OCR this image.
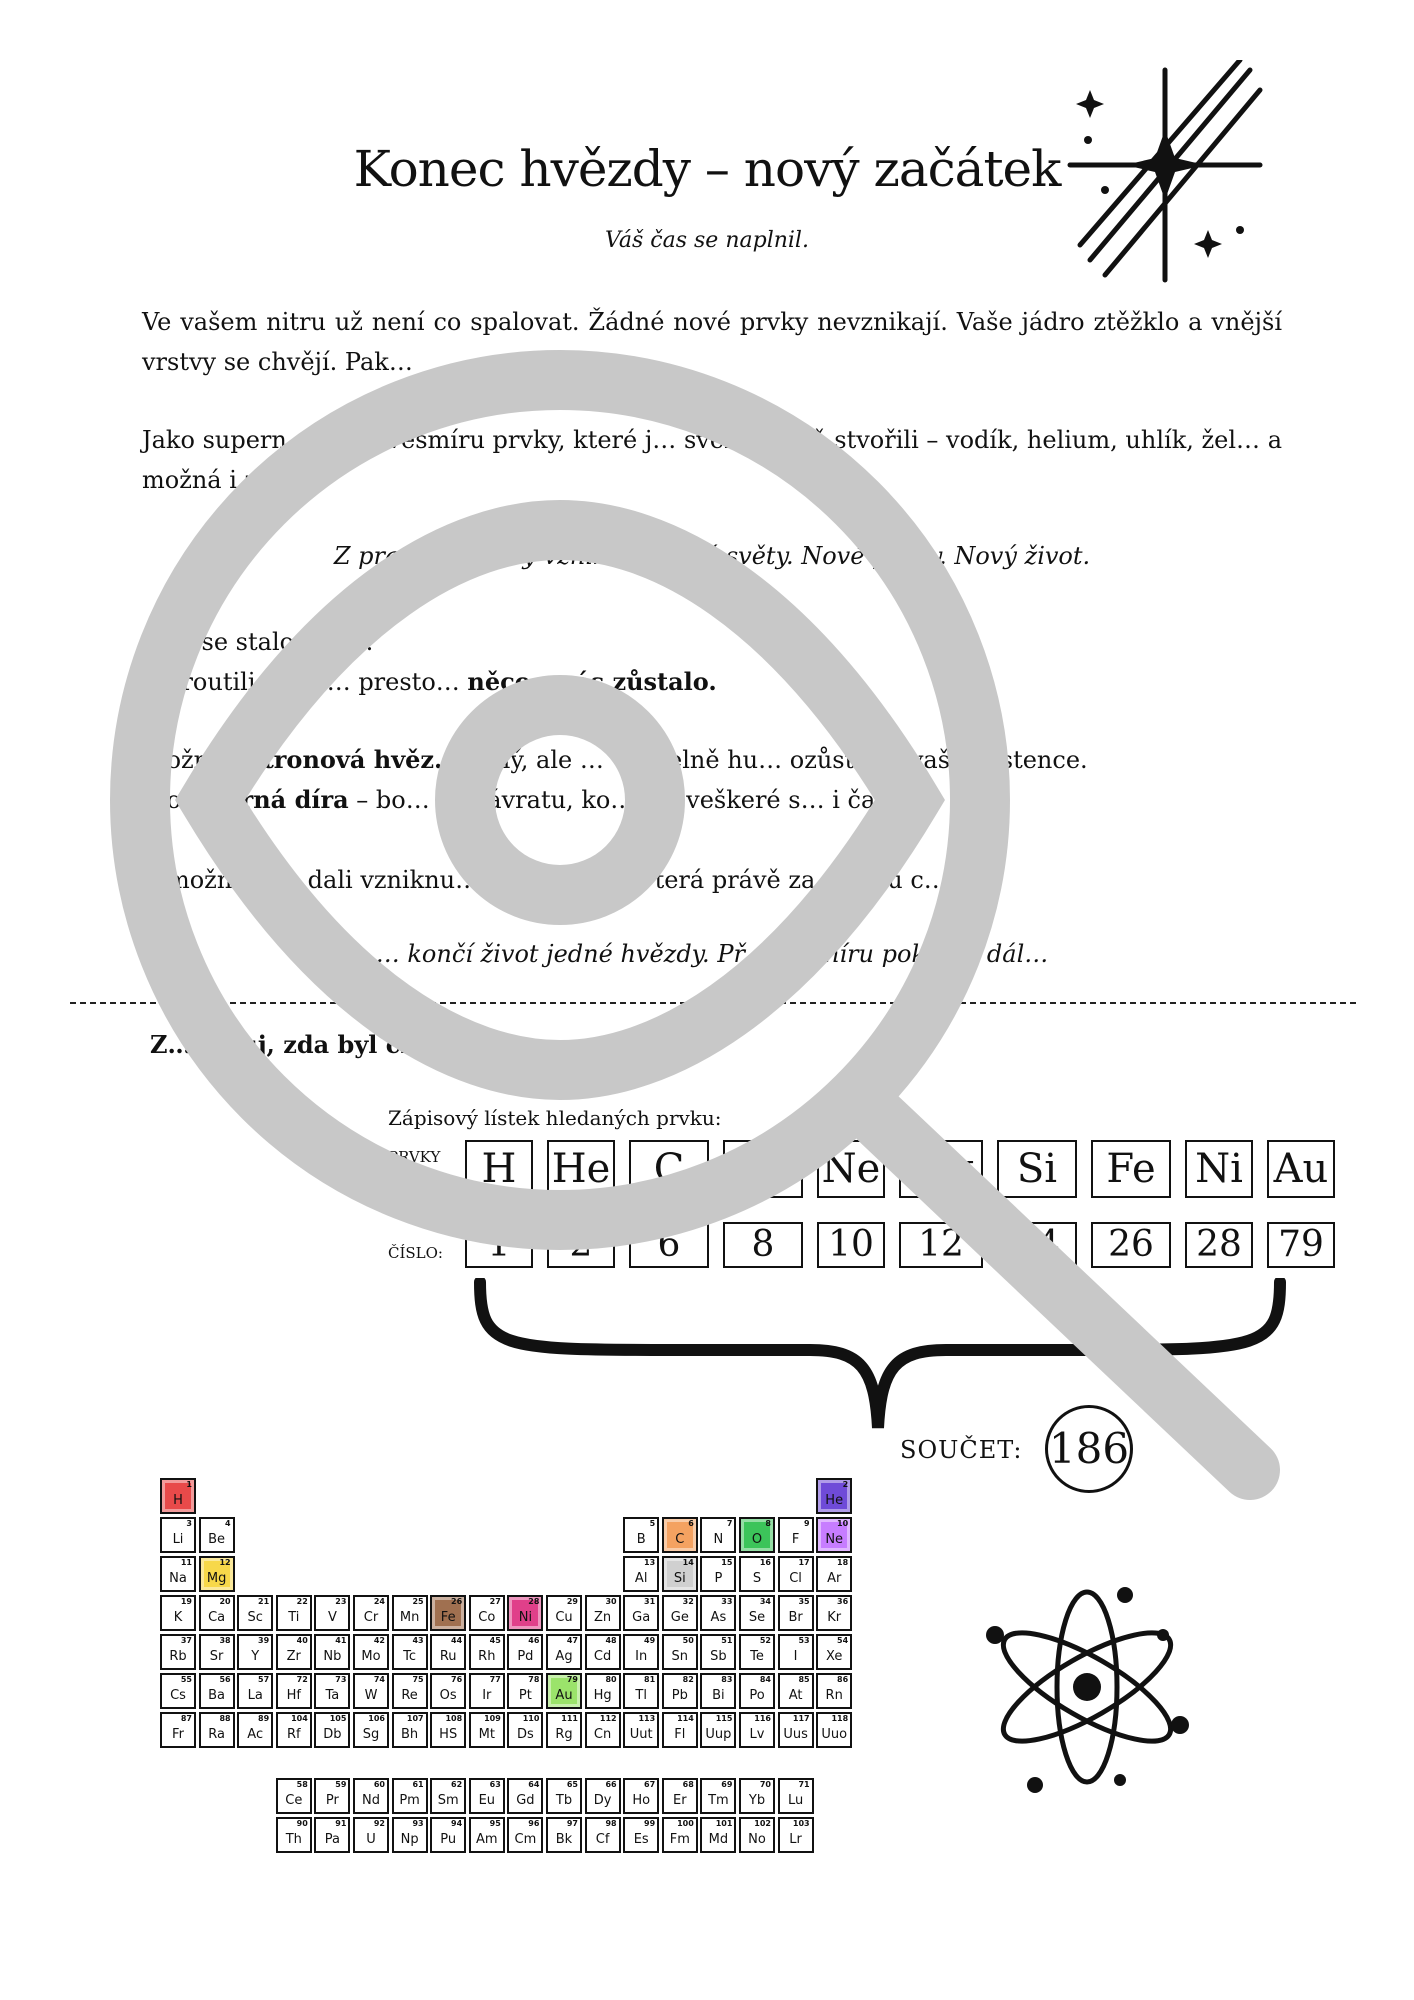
Konec hvězdy – nový začátek
Váš čas se naplnil.
Ve vašem nitru už není co spalovat. Žádné nové prvky nevznikají. Vaše jádro ztěžklo a vnější vrstvy se chvějí. Pak…
Jako supern… te do vesmíru prvky, které j… svém životě stvořili – vodík, helium, uhlík, žel… a možná i zlato.
Z prachu hvězdy vzniknou nové světy. Nové pl…ty. Nový život.
…co se stalo s vá…
…hroutili jste s… presto… něco z vás zůstalo.
Možná … tronová hvěz… malý, ale … věřitelně hu… ozůstat… vaší existence.
Mož… erná díra – bo… ez návratu, ko… nčí veškeré s… i čas.
A možná … e dali vzniknu… další hvězd… terá právě za… svou c…u…
… končí život jedné hvězdy. Př… vesmíru pok… je dál…
Z…troluj, zda byl cíl dosa…
Zápisový lístek hledaných prvku:
PRVKY
1 - 10
ČÍSLO:
H He	C	O	Ne Mg	Si	Fe Ni Au
1	2	6	8	10	12	14	26	28	79
SOUČET: 186
1
H
2
He
3
Li
4
Be
5
B
6
C
7
N
8
O
9
F
10
Ne
11
Na
12
Mg
13
Al
14
Si
15
P
16
S
17
Cl
18
Ar
19
K
20
Ca
21
Sc
22
Ti
23
V
24
Cr
25
Mn
26
Fe
27
Co
28
Ni
29
Cu
30
Zn
31
Ga
32
Ge
33
As
34
Se
35
Br
36
Kr
37
Rb
38
Sr
39
Y
40
Zr
41
Nb
42
Mo
43
Tc
44
Ru
45
Rh
46
Pd
47
Ag
48
Cd
49
In
50
Sn
51
Sb
52
Te
53
I
54
Xe
55
Cs
56
Ba
57
La
72
Hf
73
Ta
74
W
75
Re
76
Os
77
Ir
78
Pt
79
Au
80
Hg
81
Tl
82
Pb
83
Bi
84
Po
85
At
86
Rn
87
Fr
88
Ra
89
Ac
104
Rf
105
Db
106
Sg
107
Bh
108
HS
109
Mt
110
Ds
111
Rg
112
Cn
113
Uut
114
Fl
115
Uup
116
Lv
117
Uus
118
Uuo
58
Ce
59
Pr
60
Nd
61
Pm
62
Sm
63
Eu
64
Gd
65
Tb
66
Dy
67
Ho
68
Er
69
Tm
70
Yb
71
Lu
90
Th
91
Pa
92
U
93
Np
94
Pu
95
Am
96
Cm
97
Bk
98
Cf
99
Es
100
Fm
101
Md
102
No
103
Lr
